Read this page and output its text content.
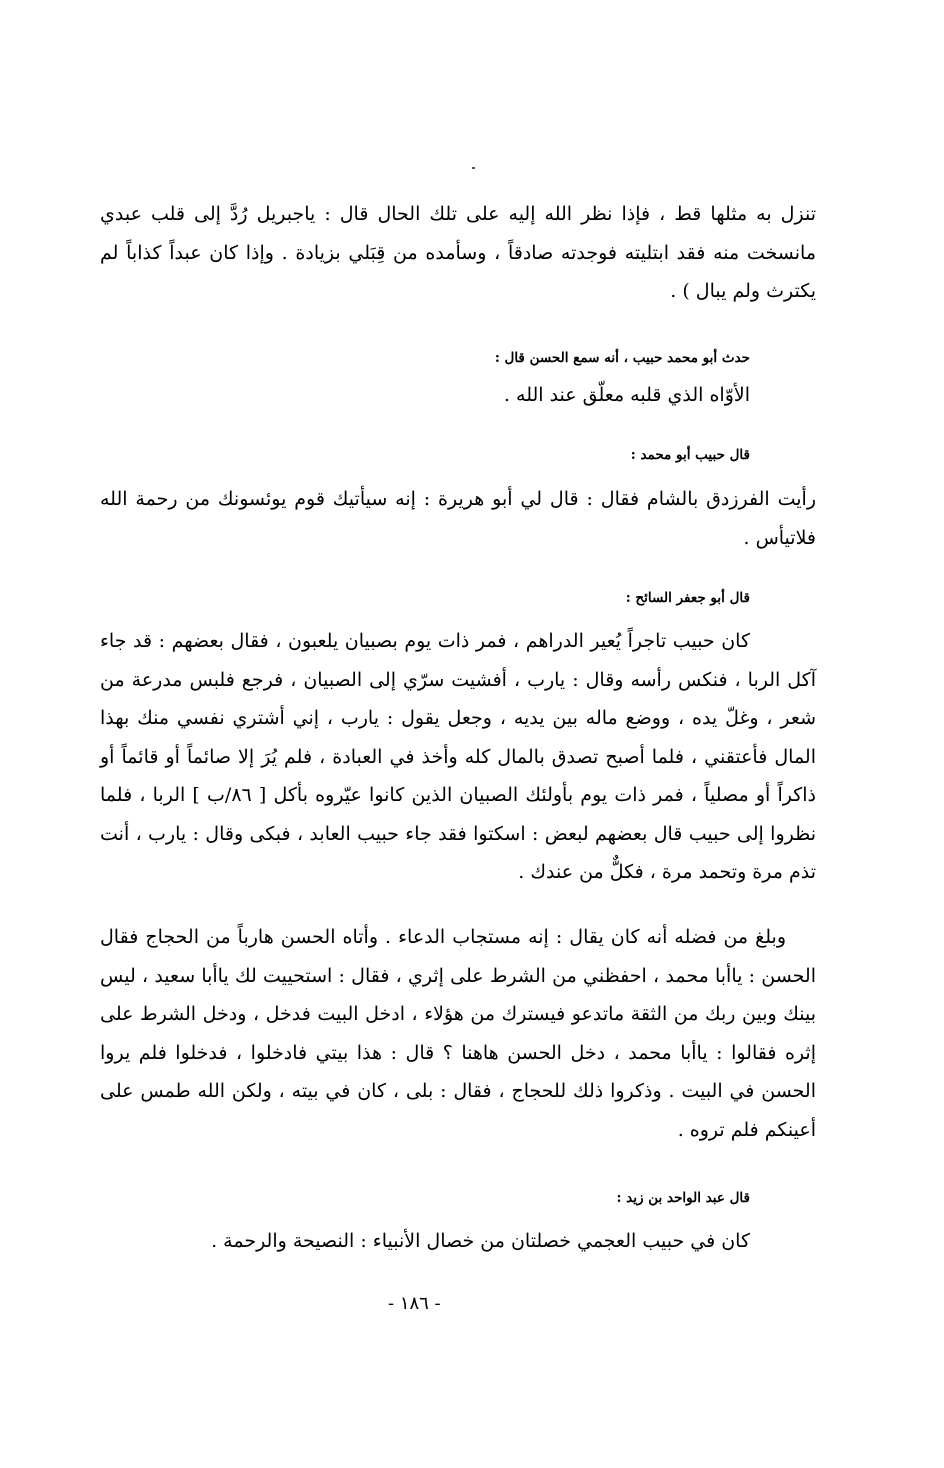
تنزل به مثلها قط ، فإذا نظر الله إليه على تلك الحال قال : ياجبريل رُدَّ إلى قلب عبدي مانسخت منه فقد ابتليته فوجدته صادقاً ، وسأمده من قِبَلي بزيادة . وإذا كان عبداً كذاباً لم يكترث ولم يبال ) .

حدث أبو محمد حبيب ، أنه سمع الحسن قال :
الأوّاه الذي قلبه معلّق عند الله .
قال حبيب أبو محمد :

رأيت الفرزدق بالشام فقال : قال لي أبو هريرة : إنه سيأتيك قوم يوئسونك من رحمة الله فلاتيأس .

قال أبو جعفر السائح :

كان حبيب تاجراً يُعير الدراهم ، فمر ذات يوم بصبيان يلعبون ، فقال بعضهم : قد جاء آكل الربا ، فنكس رأسه وقال : يارب ، أفشيت سرّي إلى الصبيان ، فرجع فلبس مدرعة من شعر ، وغلّ يده ، ووضع ماله بين يديه ، وجعل يقول : يارب ، إني أشتري نفسي منك بهذا المال فأعتقني ، فلما أصبح تصدق بالمال كله وأخذ في العبادة ، فلم يُرَ إلا صائماً أو قائماً أو ذاكراً أو مصلياً ، فمر ذات يوم بأولئك الصبيان الذين كانوا عيّروه بأكل [ ٨٦/ب ] الربا ، فلما نظروا إلى حبيب قال بعضهم لبعض : اسكتوا فقد جاء حبيب العابد ، فبكى وقال : يارب ، أنت تذم مرة وتحمد مرة ، فكلٌّ من عندك .

وبلغ من فضله أنه كان يقال : إنه مستجاب الدعاء . وأتاه الحسن هارباً من الحجاج فقال الحسن : ياأبا محمد ، احفظني من الشرط على إثري ، فقال : استحييت لك ياأبا سعيد ، ليس بينك وبين ربك من الثقة ماتدعو فيسترك من هؤلاء ، ادخل البيت فدخل ، ودخل الشرط على إثره فقالوا : ياأبا محمد ، دخل الحسن هاهنا ؟ قال : هذا بيتي فادخلوا ، فدخلوا فلم يروا الحسن في البيت . وذكروا ذلك للحجاج ، فقال : بلى ، كان في بيته ، ولكن الله طمس على أعينكم فلم تروه .

قال عبد الواحد بن زيد :
كان في حبيب العجمي خصلتان من خصال الأنبياء : النصيحة والرحمة .
- ١٨٦ -
